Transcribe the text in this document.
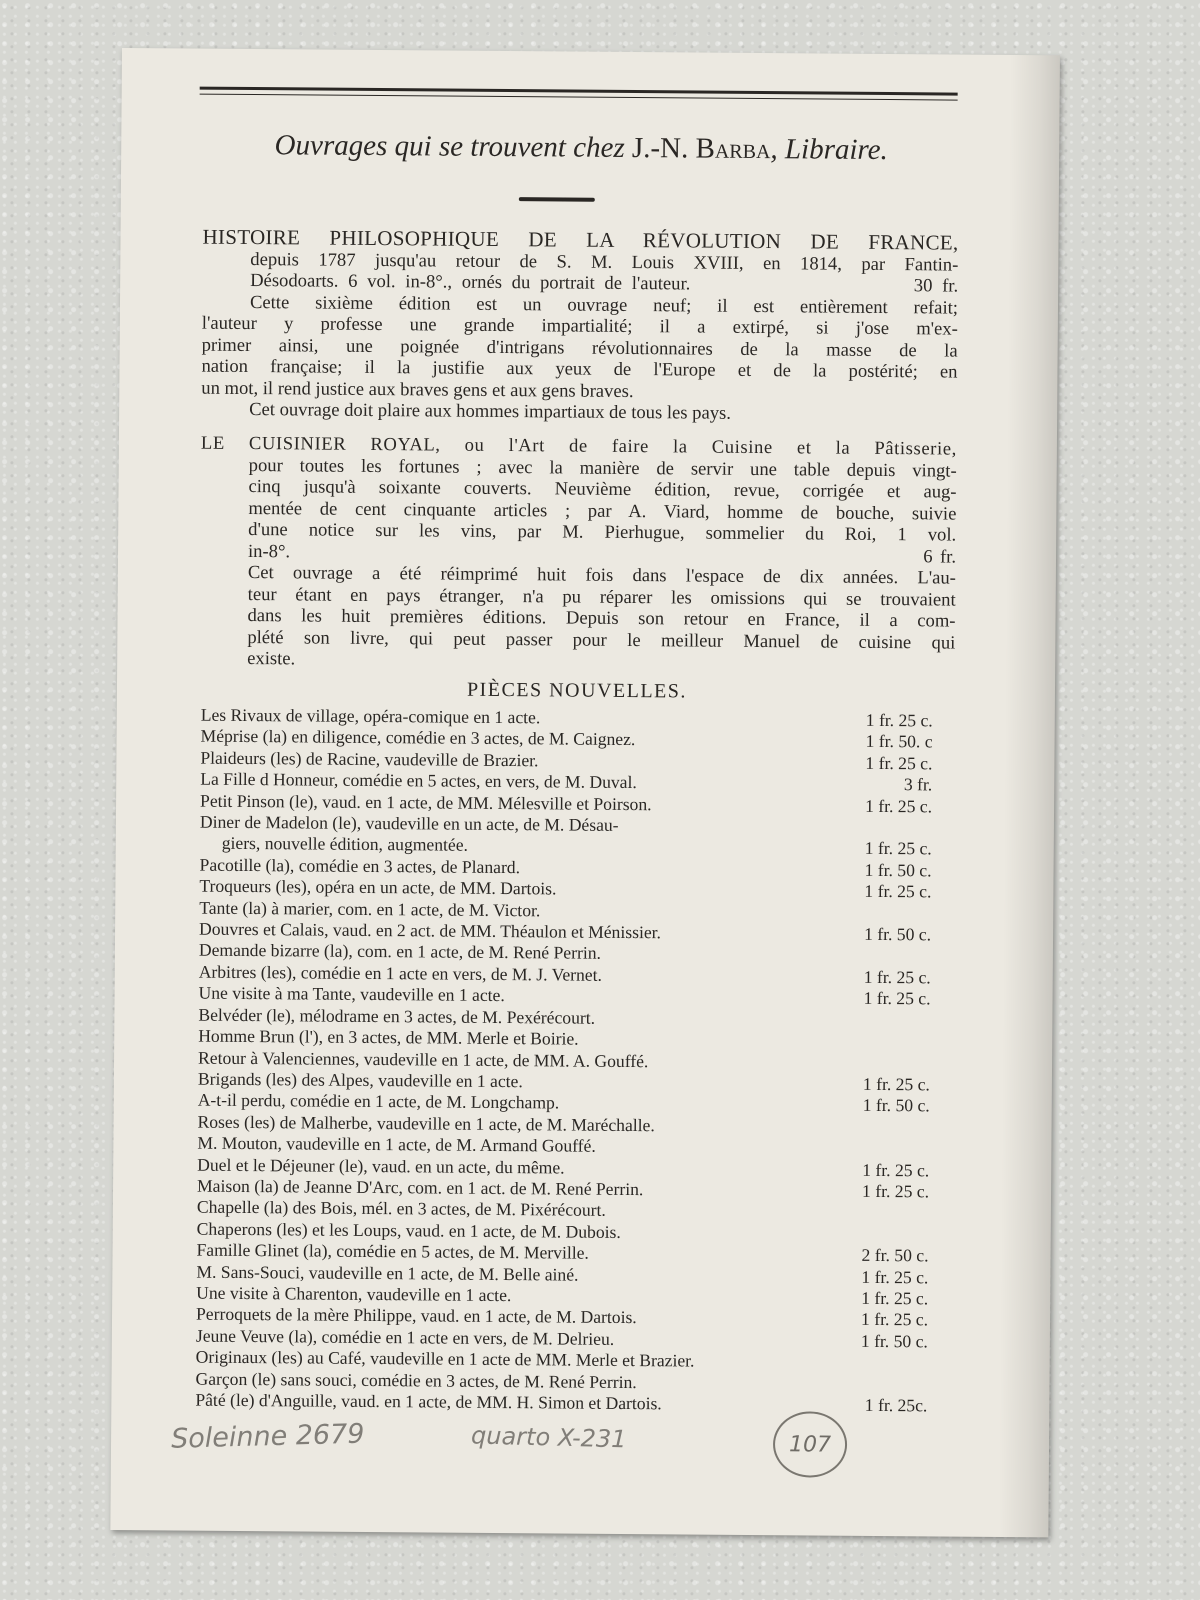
Ouvrages qui se trouvent chez J.-N. Barba, Libraire.
HISTOIRE PHILOSOPHIQUE DE LA RÉVOLUTION DE FRANCE,
depuis 1787 jusqu'au retour de S. M. Louis XVIII, en 1814, par Fantin-
Désodoarts. 6 vol. in-8°., ornés du portrait de l'auteur.                       30 fr.
Cette sixième édition est un ouvrage neuf; il est entièrement refait;
l'auteur y professe une grande impartialité; il a extirpé, si j'ose m'ex-
primer ainsi, une poignée d'intrigans révolutionnaires de la masse de la
nation française; il la justifie aux yeux de l'Europe et de la postérité; en
un mot, il rend justice aux braves gens et aux gens braves.
Cet ouvrage doit plaire aux hommes impartiaux de tous les pays.
LE CUISINIER ROYAL, ou l'Art de faire la Cuisine et la Pâtisserie,
pour toutes les fortunes ; avec la manière de servir une table depuis vingt-
cinq jusqu'à soixante couverts. Neuvième édition, revue, corrigée et aug-
mentée de cent cinquante articles ; par A. Viard, homme de bouche, suivie
d'une notice sur les vins, par M. Pierhugue, sommelier du Roi, 1 vol.
in-8°.                                                                                      6 fr.
Cet ouvrage a été réimprimé huit fois dans l'espace de dix années. L'au-
teur étant en pays étranger, n'a pu réparer les omissions qui se trouvaient
dans les huit premières éditions. Depuis son retour en France, il a com-
plété son livre, qui peut passer pour le meilleur Manuel de cuisine qui
existe.
PIÈCES NOUVELLES.
Les Rivaux de village, opéra-comique en 1 acte.	1 fr. 25 c.
Méprise (la) en diligence, comédie en 3 actes, de M. Caignez.	1 fr. 50. c
Plaideurs (les) de Racine, vaudeville de Brazier.	1 fr. 25 c.
La Fille d Honneur, comédie en 5 actes, en vers, de M. Duval.	3 fr.
Petit Pinson (le), vaud. en 1 acte, de MM. Mélesville et Poirson.	1 fr. 25 c.
Diner de Madelon (le), vaudeville en un acte, de M. Désau-
giers, nouvelle édition, augmentée.	1 fr. 25 c.
Pacotille (la), comédie en 3 actes, de Planard.	1 fr. 50 c.
Troqueurs (les), opéra en un acte, de MM. Dartois.	1 fr. 25 c.
Tante (la) à marier, com. en 1 acte, de M. Victor.
Douvres et Calais, vaud. en 2 act. de MM. Théaulon et Ménissier.	1 fr. 50 c.
Demande bizarre (la), com. en 1 acte, de M. René Perrin.
Arbitres (les), comédie en 1 acte en vers, de M. J. Vernet.	1 fr. 25 c.
Une visite à ma Tante, vaudeville en 1 acte.	1 fr. 25 c.
Belvéder (le), mélodrame en 3 actes, de M. Pexérécourt.
Homme Brun (l'), en 3 actes, de MM. Merle et Boirie.
Retour à Valenciennes, vaudeville en 1 acte, de MM. A. Gouffé.
Brigands (les) des Alpes, vaudeville en 1 acte.	1 fr. 25 c.
A-t-il perdu, comédie en 1 acte, de M. Longchamp.	1 fr. 50 c.
Roses (les) de Malherbe, vaudeville en 1 acte, de M. Maréchalle.
M. Mouton, vaudeville en 1 acte, de M. Armand Gouffé.
Duel et le Déjeuner (le), vaud. en un acte, du même.	1 fr. 25 c.
Maison (la) de Jeanne D'Arc, com. en 1 act. de M. René Perrin.	1 fr. 25 c.
Chapelle (la) des Bois, mél. en 3 actes, de M. Pixérécourt.
Chaperons (les) et les Loups, vaud. en 1 acte, de M. Dubois.
Famille Glinet (la), comédie en 5 actes, de M. Merville.	2 fr. 50 c.
M. Sans-Souci, vaudeville en 1 acte, de M. Belle ainé.	1 fr. 25 c.
Une visite à Charenton, vaudeville en 1 acte.	1 fr. 25 c.
Perroquets de la mère Philippe, vaud. en 1 acte, de M. Dartois.	1 fr. 25 c.
Jeune Veuve (la), comédie en 1 acte en vers, de M. Delrieu.	1 fr. 50 c.
Originaux (les) au Café, vaudeville en 1 acte de MM. Merle et Brazier.
Garçon (le) sans souci, comédie en 3 actes, de M. René Perrin.
Pâté (le) d'Anguille, vaud. en 1 acte, de MM. H. Simon et Dartois.	1 fr. 25c.
Soleinne 2679	quarto X-231	107
